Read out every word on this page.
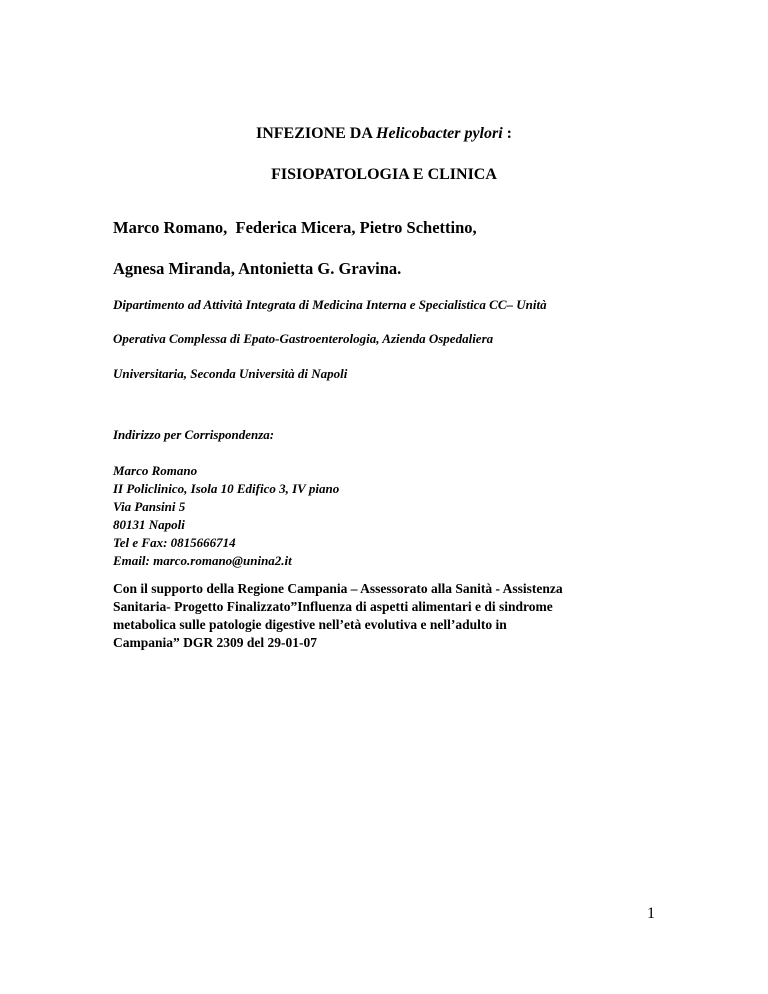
INFEZIONE DA Helicobacter pylori :
FISIOPATOLOGIA E CLINICA
Marco Romano,  Federica Micera, Pietro Schettino,
Agnesa Miranda, Antonietta G. Gravina.
Dipartimento ad Attività Integrata di Medicina Interna e Specialistica CC– Unità
Operativa Complessa di Epato-Gastroenterologia, Azienda Ospedaliera
Universitaria, Seconda Università di Napoli
Indirizzo per Corrispondenza:
Marco Romano
II Policlinico, Isola 10 Edifico 3, IV piano
Via Pansini 5
80131 Napoli
Tel e Fax: 0815666714
Email: marco.romano@unina2.it
Con il supporto della Regione Campania – Assessorato alla Sanità - Assistenza
Sanitaria- Progetto Finalizzato”Influenza di aspetti alimentari e di sindrome
metabolica sulle patologie digestive nell’età evolutiva e nell’adulto in
Campania” DGR 2309 del 29-01-07
1
